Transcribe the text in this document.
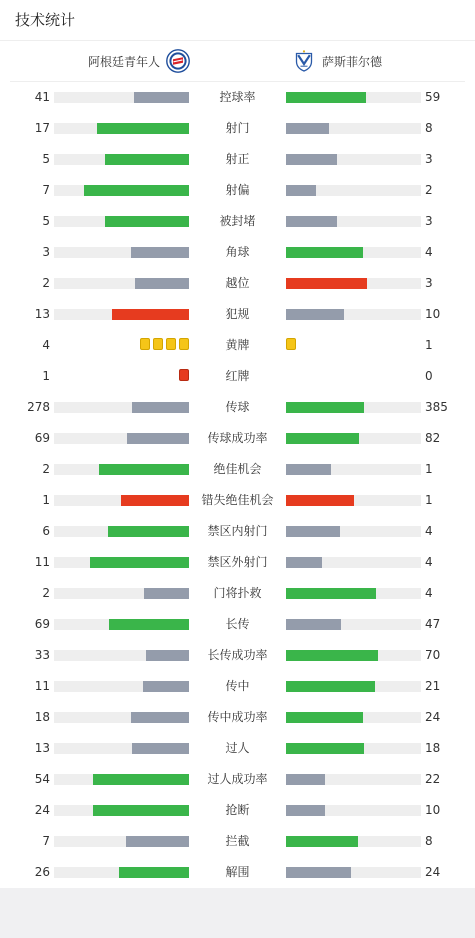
技术统计
阿根廷青年人	萨斯菲尔德
41	控球率	59
17	射门	8
5	射正	3
7	射偏	2
5	被封堵	3
3	角球	4
2	越位	3
13	犯规	10
4	黄牌	1
1	红牌	0
278	传球	385
69	传球成功率	82
2	绝佳机会	1
1	错失绝佳机会	1
6	禁区内射门	4
11	禁区外射门	4
2	门将扑救	4
69	长传	47
33	长传成功率	70
11	传中	21
18	传中成功率	24
13	过人	18
54	过人成功率	22
24	抢断	10
7	拦截	8
26	解围	24
